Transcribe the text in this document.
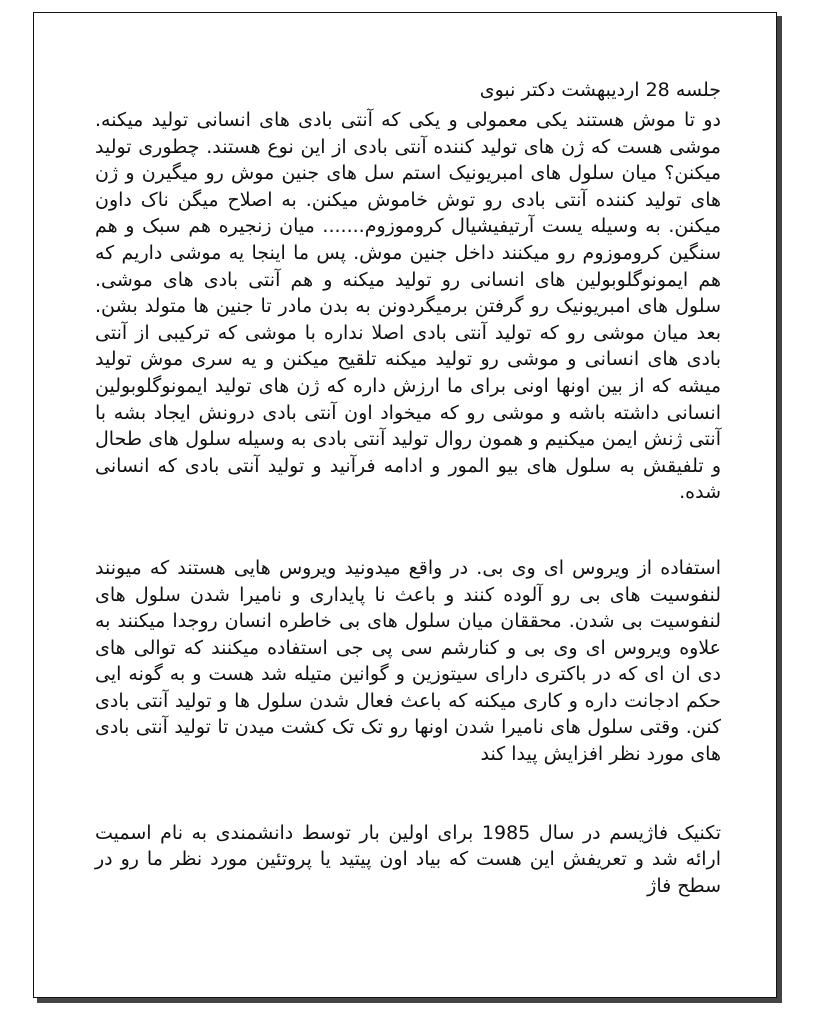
جلسه 28 اردیبهشت دکتر نبوی

دو تا موش هستند یکی معمولی و یکی که آنتی بادی های انسانی تولید میکنه. موشی هست که ژن های تولید کننده آنتی بادی از این نوع هستند. چطوری تولید میکنن؟ میان سلول های امبریونیک استم سل های جنین موش رو میگیرن و ژن های تولید کننده آنتی بادی رو توش خاموش میکنن. به اصلاح میگن ناک داون میکنن. به وسیله یست آرتیفیشیال کروموزوم....... میان زنجیره هم سبک و هم سنگین کروموزوم رو میکنند داخل جنین موش. پس ما اینجا یه موشی داریم که هم ایمونوگلوبولین های انسانی رو تولید میکنه و هم آنتی بادی های موشی. سلول های امبریونیک رو گرفتن برمیگردونن به بدن مادر تا جنین ها متولد بشن. بعد میان موشی رو که تولید آنتی بادی اصلا نداره با موشی که ترکیبی از آنتی بادی های انسانی و موشی رو تولید میکنه تلقیح میکنن و یه سری موش تولید میشه که از بین اونها اونی برای ما ارزش داره که ژن های تولید ایمونوگلوبولین انسانی داشته باشه و موشی رو که میخواد اون آنتی بادی درونش ایجاد بشه با آنتی ژنش ایمن میکنیم و همون روال تولید آنتی بادی به وسیله سلول های طحال و تلفیقش به سلول های بیو المور و ادامه فرآنید و تولید آنتی بادی که انسانی شده.

استفاده از ویروس ای وی بی. در واقع میدونید ویروس هایی هستند که میونند لنفوسیت های بی رو آلوده کنند و باعث نا پایداری و نامیرا شدن سلول های لنفوسیت بی شدن. محققان میان سلول های بی خاطره انسان روجدا میکنند به علاوه ویروس ای وی بی و کنارشم سی پی جی استفاده میکنند که توالی های دی ان ای که در باکتری دارای سیتوزین و گوانین متیله شد هست و به گونه ایی حکم ادجانت داره و کاری میکنه که باعث فعال شدن سلول ها و تولید آنتی بادی کنن. وقتی سلول های نامیرا شدن اونها رو تک تک کشت میدن تا تولید آنتی بادی های مورد نظر افزایش پیدا کند

تکنیک فاژیسم در سال 1985 برای اولین بار توسط دانشمندی به نام اسمیت ارائه شد و تعریفش این هست که بیاد اون پیتید یا پروتئین مورد نظر ما رو در سطح فاژ
